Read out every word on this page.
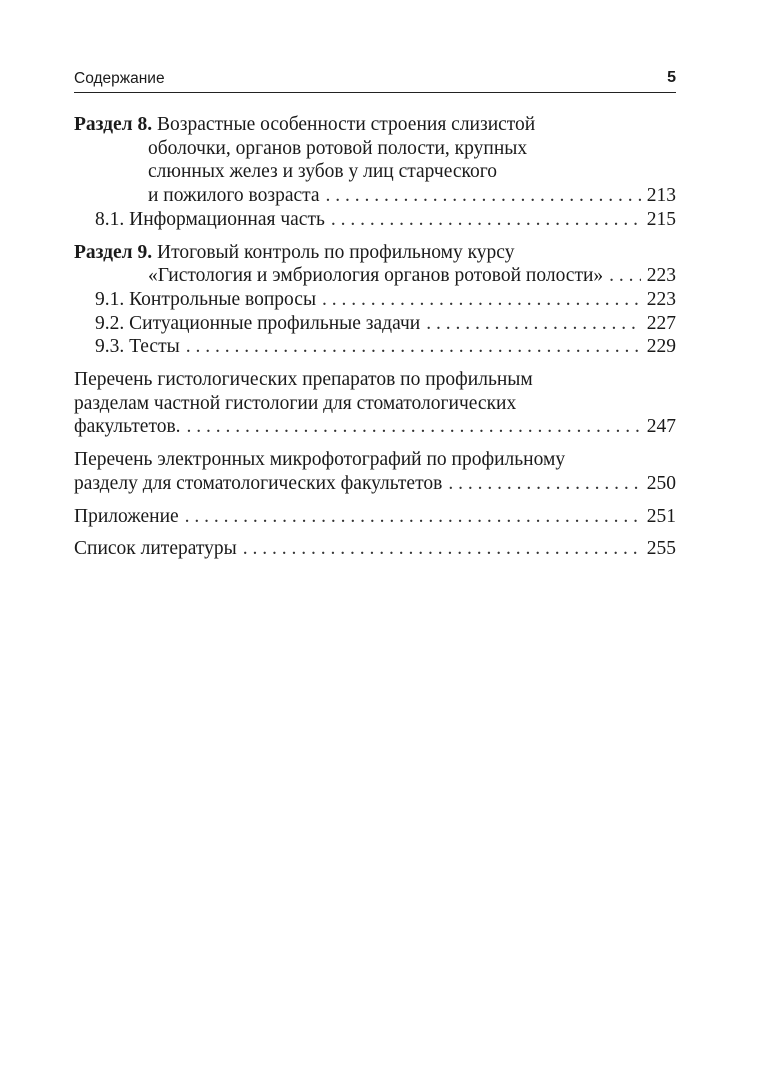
Содержание	5
Раздел 8.
Возрастные особенности строения слизистой
оболочки, органов ротовой полости, крупных
слюнных желез и зубов у лиц старческого
и пожилого возраста . . .	213
8.1. Информационная часть . . .	215
Раздел 9.
Итоговый контроль по профильному курсу
«Гистология и эмбриология органов ротовой полости» . . . 223
9.1. Контрольные вопросы . . .	223
9.2. Ситуационные профильные задачи . . .	227
9.3. Тесты . . .	229
Перечень гистологических препаратов по профильным
разделам частной гистологии для стоматологических
факультетов. . . .	247
Перечень электронных микрофотографий по профильному
разделу для стоматологических факультетов . . .	250
Приложение . . .	251
Список литературы . . .	255
